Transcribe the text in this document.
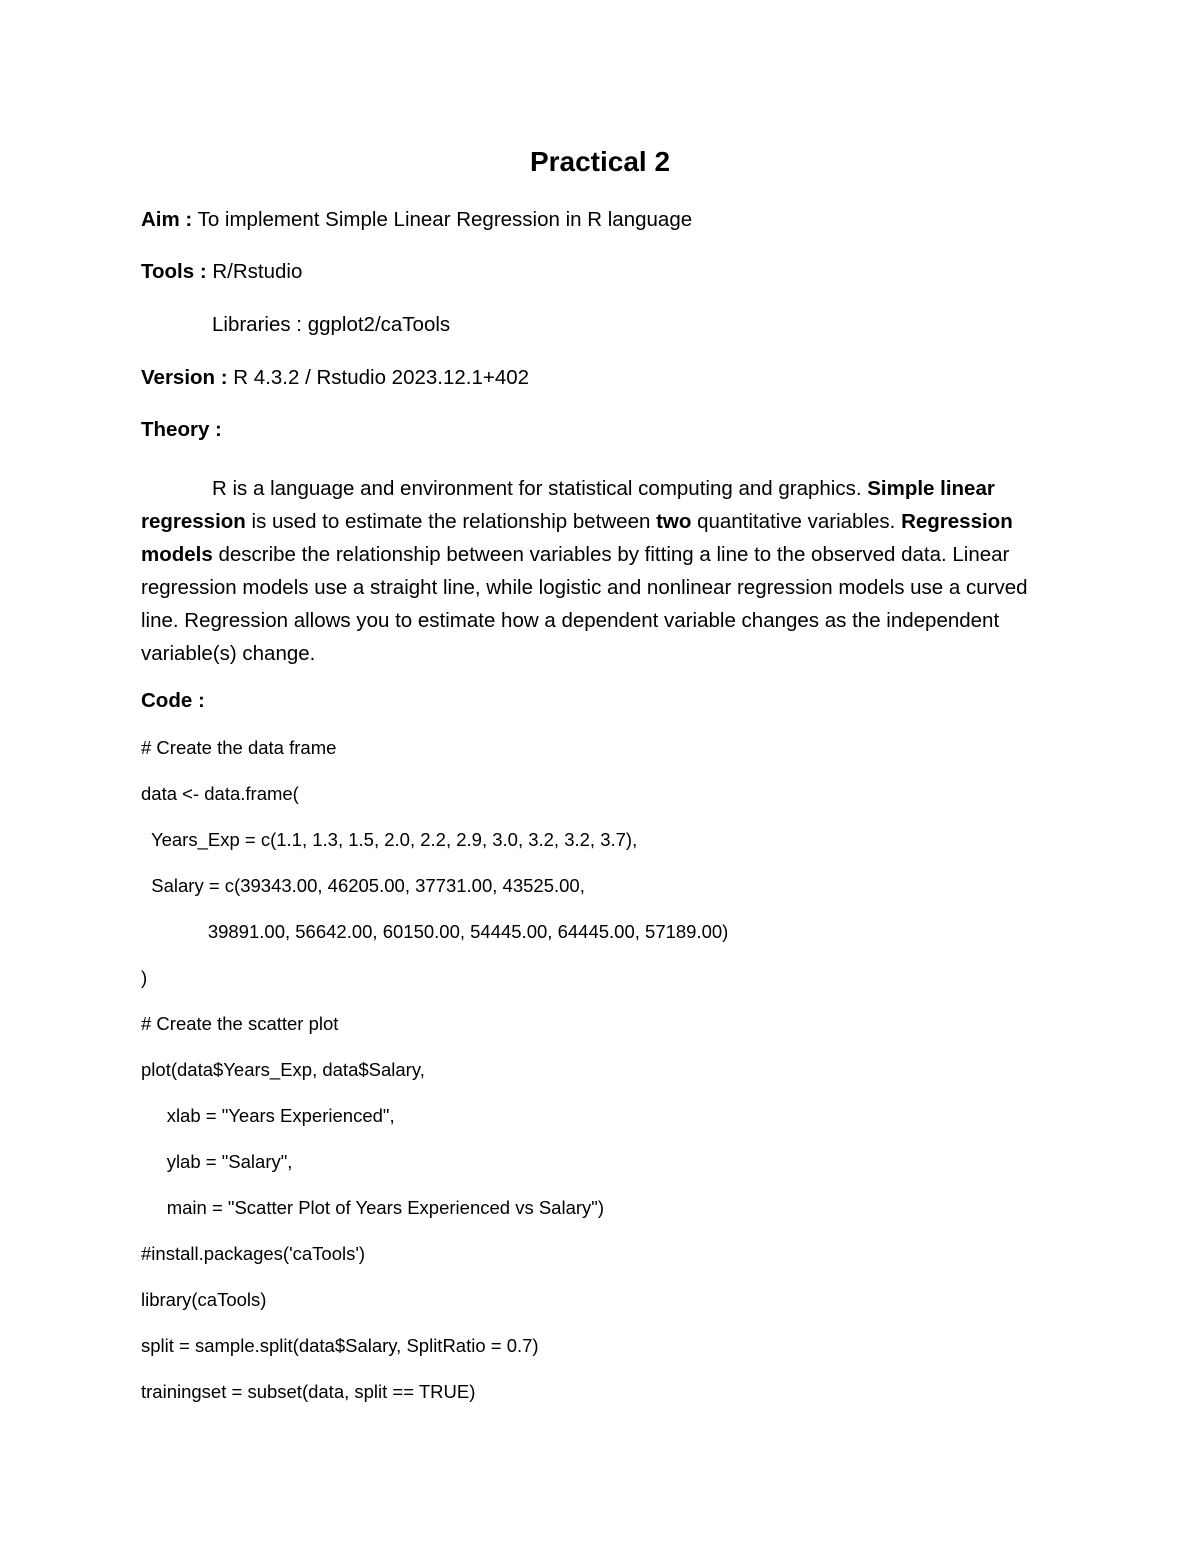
Practical 2
Aim : To implement Simple Linear Regression in R language
Tools : R/Rstudio
Libraries : ggplot2/caTools
Version : R 4.3.2 / Rstudio 2023.12.1+402
Theory :
R is a language and environment for statistical computing and graphics. Simple linear regression is used to estimate the relationship between two quantitative variables. Regression models describe the relationship between variables by fitting a line to the observed data. Linear regression models use a straight line, while logistic and nonlinear regression models use a curved line. Regression allows you to estimate how a dependent variable changes as the independent variable(s) change.
Code :
# Create the data frame
data <- data.frame(
Years_Exp = c(1.1, 1.3, 1.5, 2.0, 2.2, 2.9, 3.0, 3.2, 3.2, 3.7),
Salary = c(39343.00, 46205.00, 37731.00, 43525.00,
39891.00, 56642.00, 60150.00, 54445.00, 64445.00, 57189.00)
)
# Create the scatter plot
plot(data$Years_Exp, data$Salary,
xlab = "Years Experienced",
ylab = "Salary",
main = "Scatter Plot of Years Experienced vs Salary")
#install.packages('caTools')
library(caTools)
split = sample.split(data$Salary, SplitRatio = 0.7)
trainingset = subset(data, split == TRUE)
